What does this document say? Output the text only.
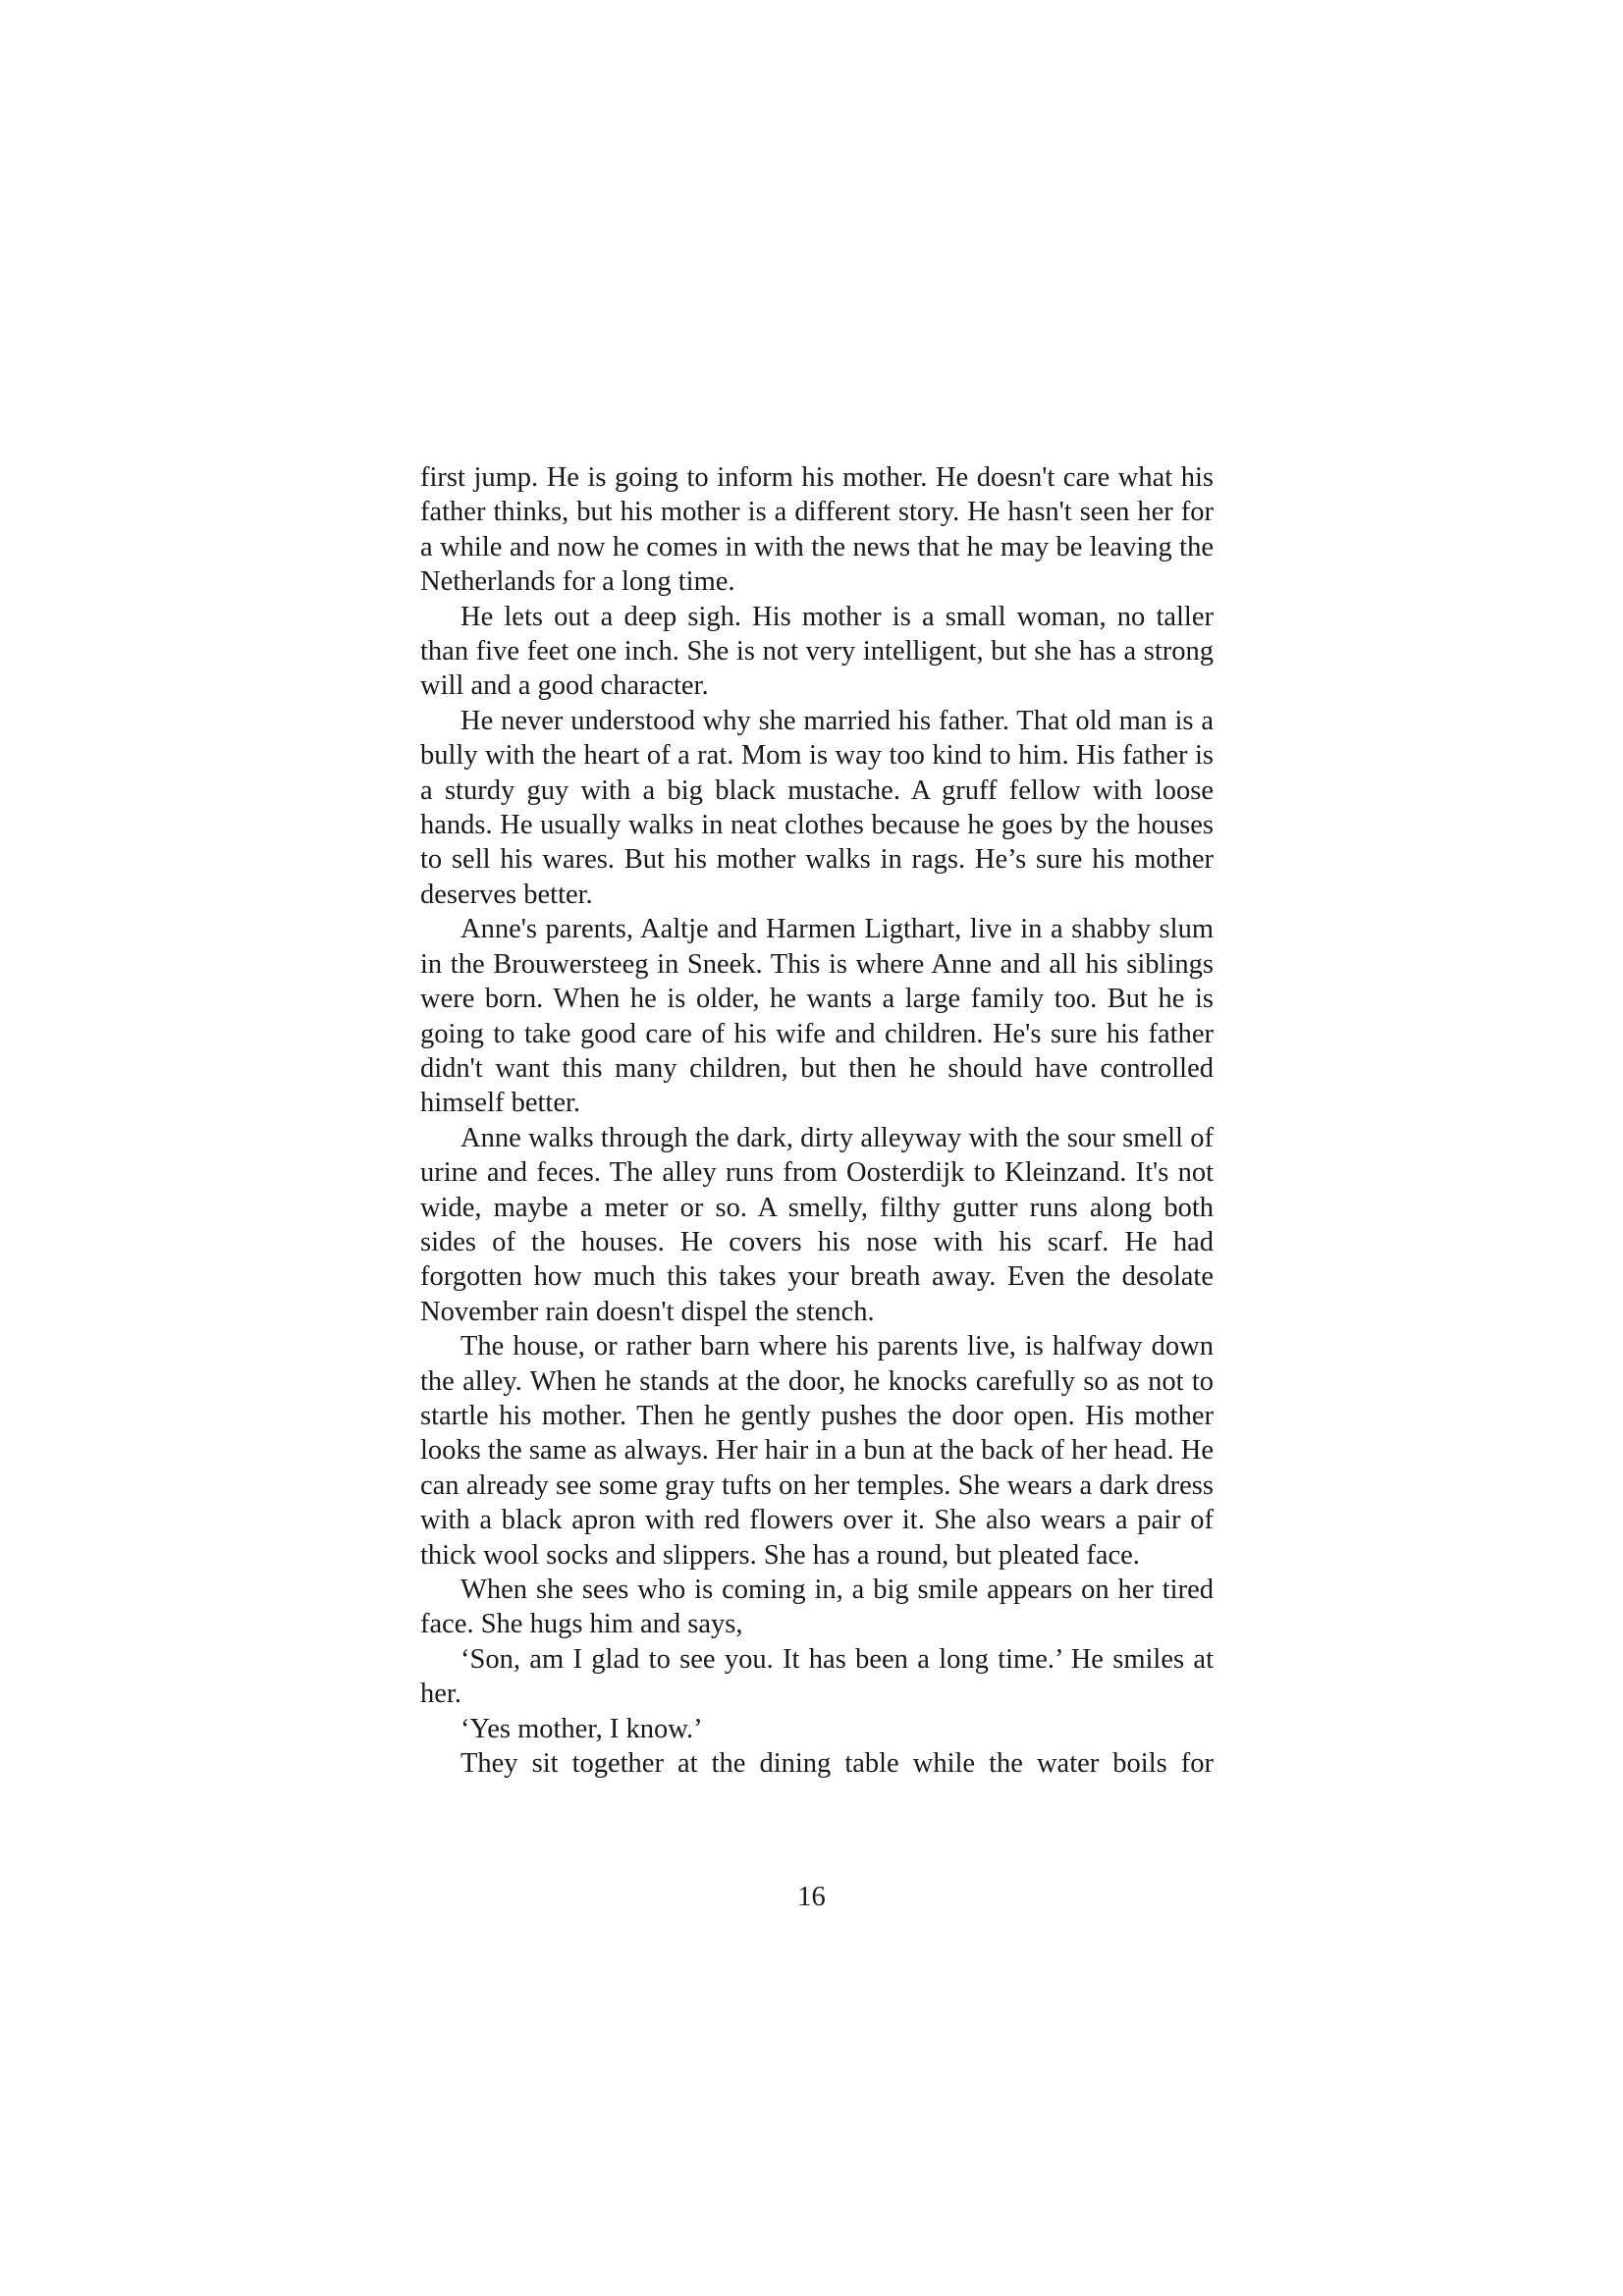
first jump. He is going to inform his mother. He doesn't care what his father thinks, but his mother is a different story. He hasn't seen her for a while and now he comes in with the news that he may be leaving the Netherlands for a long time.

He lets out a deep sigh. His mother is a small woman, no taller than five feet one inch. She is not very intelligent, but she has a strong will and a good character.

He never understood why she married his father. That old man is a bully with the heart of a rat. Mom is way too kind to him. His father is a sturdy guy with a big black mustache. A gruff fellow with loose hands. He usually walks in neat clothes because he goes by the houses to sell his wares. But his mother walks in rags. He’s sure his mother deserves better.

Anne's parents, Aaltje and Harmen Ligthart, live in a shabby slum in the Brouwersteeg in Sneek. This is where Anne and all his siblings were born. When he is older, he wants a large family too. But he is going to take good care of his wife and children. He's sure his father didn't want this many children, but then he should have controlled himself better.

Anne walks through the dark, dirty alleyway with the sour smell of urine and feces. The alley runs from Oosterdijk to Kleinzand. It's not wide, maybe a meter or so. A smelly, filthy gutter runs along both sides of the houses. He covers his nose with his scarf. He had forgotten how much this takes your breath away. Even the desolate November rain doesn't dispel the stench.

The house, or rather barn where his parents live, is halfway down the alley. When he stands at the door, he knocks carefully so as not to startle his mother. Then he gently pushes the door open. His mother looks the same as always. Her hair in a bun at the back of her head. He can already see some gray tufts on her temples. She wears a dark dress with a black apron with red flowers over it. She also wears a pair of thick wool socks and slippers. She has a round, but pleated face.

When she sees who is coming in, a big smile appears on her tired face. She hugs him and says,

‘Son, am I glad to see you. It has been a long time.’ He smiles at her.

‘Yes mother, I know.’

They sit together at the dining table while the water boils for

16
